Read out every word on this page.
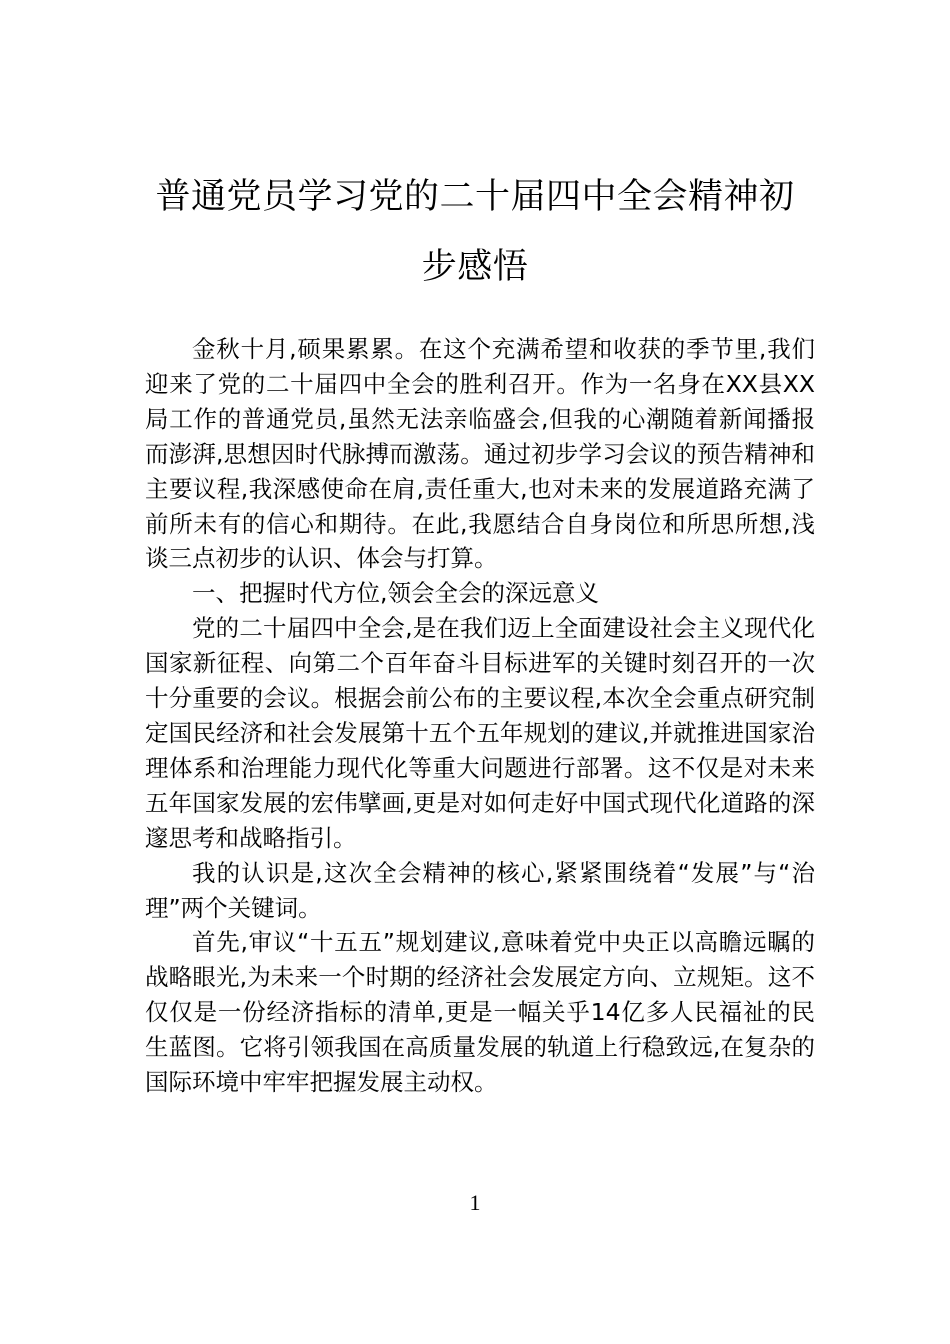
普通党员学习党的二十届四中全会精神初
步感悟

金秋十月,硕果累累。在这个充满希望和收获的季节里,我们迎来了党的二十届四中全会的胜利召开。作为一名身在XX县XX局工作的普通党员,虽然无法亲临盛会,但我的心潮随着新闻播报而澎湃,思想因时代脉搏而激荡。通过初步学习会议的预告精神和主要议程,我深感使命在肩,责任重大,也对未来的发展道路充满了前所未有的信心和期待。在此,我愿结合自身岗位和所思所想,浅谈三点初步的认识、体会与打算。

一、把握时代方位,领会全会的深远意义

党的二十届四中全会,是在我们迈上全面建设社会主义现代化国家新征程、向第二个百年奋斗目标进军的关键时刻召开的一次十分重要的会议。根据会前公布的主要议程,本次全会重点研究制定国民经济和社会发展第十五个五年规划的建议,并就推进国家治理体系和治理能力现代化等重大问题进行部署。这不仅是对未来五年国家发展的宏伟擘画,更是对如何走好中国式现代化道路的深邃思考和战略指引。

我的认识是,这次全会精神的核心,紧紧围绕着“发展”与“治理”两个关键词。

首先,审议“十五五”规划建议,意味着党中央正以高瞻远瞩的战略眼光,为未来一个时期的经济社会发展定方向、立规矩。这不仅仅是一份经济指标的清单,更是一幅关乎14亿多人民福祉的民生蓝图。它将引领我国在高质量发展的轨道上行稳致远,在复杂的国际环境中牢牢把握发展主动权。

1
